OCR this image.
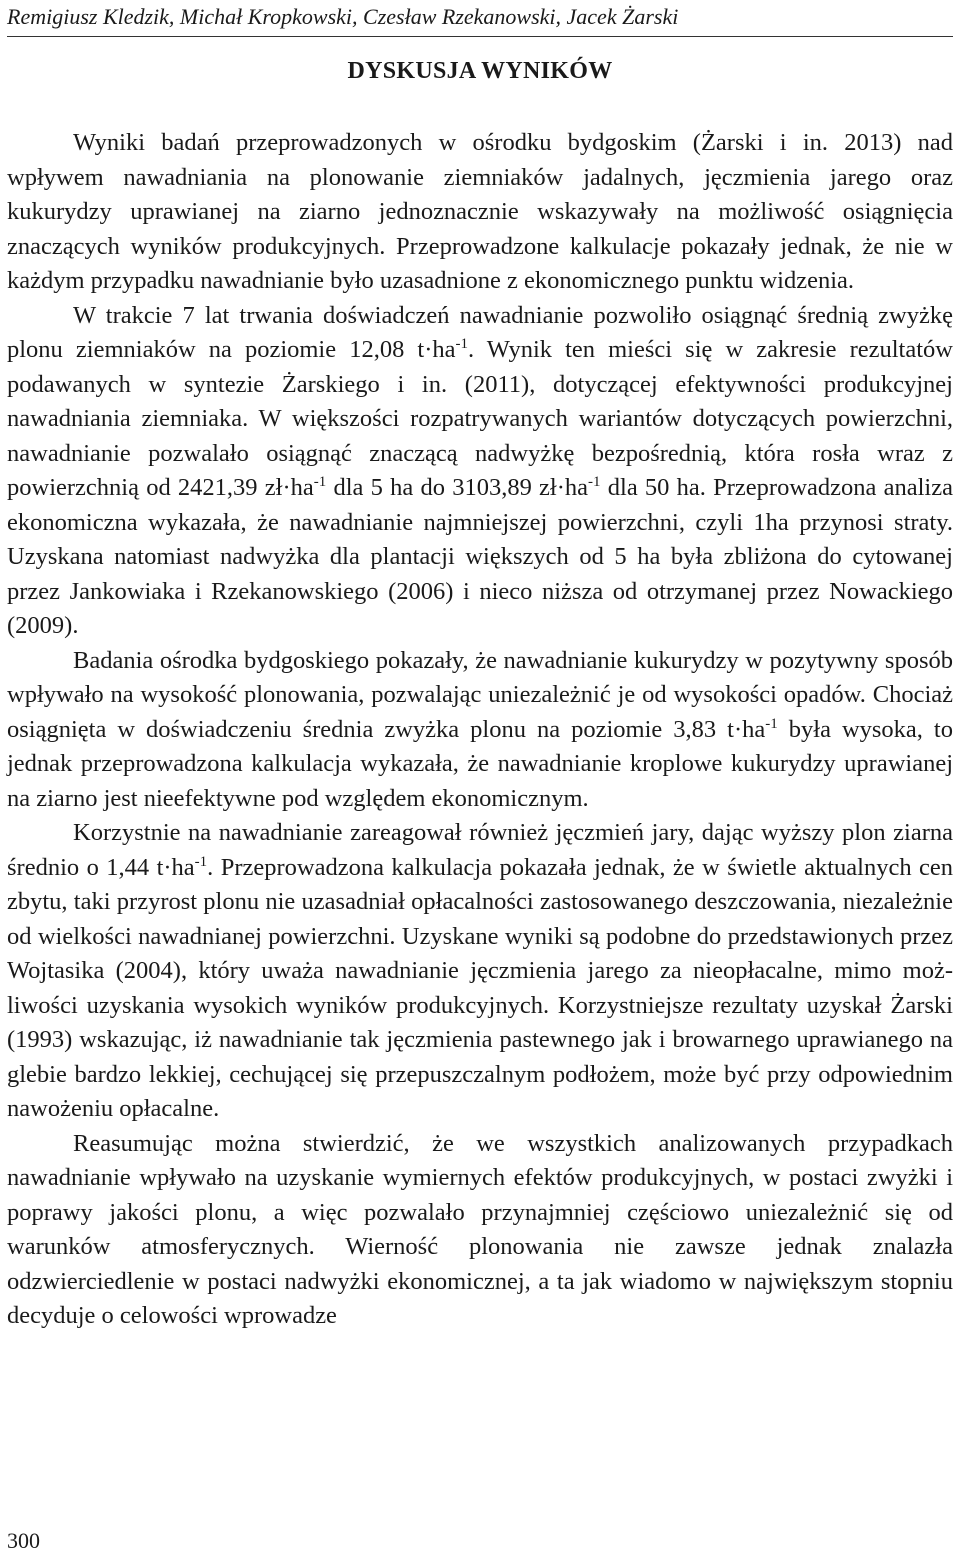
Remigiusz Kledzik, Michał Kropkowski, Czesław Rzekanowski, Jacek Żarski
DYSKUSJA WYNIKÓW

Wyniki badań przeprowadzonych w ośrodku bydgoskim (Żarski i in. 2013) nad wpływem nawadniania na plonowanie ziemniaków jadalnych, jęczmienia jarego oraz kukurydzy uprawianej na ziarno jednoznacznie wskazywały na możliwość osiągnięcia znaczących wyników produkcyjnych. Przeprowadzone kalkulacje pokazały jednak, że nie w każdym przypadku nawadnianie było uzasadnione z ekonomicznego punktu widzenia.

W trakcie 7 lat trwania doświadczeń nawadnianie pozwoliło osiągnąć średnią zwyżkę plonu ziemniaków na poziomie 12,08 $t\cdot ha^{-1}$. Wynik ten mieści się w zakresie rezultatów podawanych w syntezie Żarskiego i in. (2011), dotyczącej efektywności produkcyjnej nawadniania ziemniaka. W większości rozpatrywanych wariantów dotyczących powierzchni, nawadnianie pozwalało osiągnąć znaczącą nadwyżkę bezpośrednią, która rosła wraz z powierzchnią od 2421,39 $zł\cdot ha^{-1}$ dla 5 ha do 3103,89 $zł\cdot ha^{-1}$ dla 50 ha. Przeprowadzona analiza ekonomiczna wykazała, że nawadnianie najmniejszej powierzchni, czyli 1ha przynosi straty. Uzyskana natomiast nadwyżka dla plantacji większych od 5 ha była zbliżona do cytowanej przez Jankowiaka i Rzekanowskiego (2006) i nieco niższa od otrzymanej przez Nowackiego (2009).

Badania ośrodka bydgoskiego pokazały, że nawadnianie kukurydzy w pozytywny sposób wpływało na wysokość plonowania, pozwalając uniezależnić je od wysokości opadów. Chociaż osiągnięta w doświadczeniu średnia zwyżka plonu na poziomie 3,83 $t\cdot ha^{-1}$ była wysoka, to jednak przeprowadzona kalkulacja wykazała, że nawadnianie kroplowe kukurydzy uprawianej na ziarno jest nieefektywne pod względem ekonomicznym.

Korzystnie na nawadnianie zareagował również jęczmień jary, dając wyższy plon ziarna średnio o 1,44 $t\cdot ha^{-1}$. Przeprowadzona kalkulacja pokazała jednak, że w świetle aktualnych cen zbytu, taki przyrost plonu nie uzasadniał opłacalności zastosowanego deszczowania, niezależnie od wielkości nawadnianej powierzchni. Uzyskane wyniki są podobne do przedstawionych przez Wojtasika (2004), który uważa nawadnianie jęczmienia jarego za nieopłacalne, mimo możliwości uzyskania wysokich wyników produkcyjnych. Korzystniejsze rezultaty uzyskał Żarski (1993) wskazując, iż nawadnianie tak jęczmienia pastewnego jak i browarnego uprawianego na glebie bardzo lekkiej, cechującej się przepuszczalnym podłożem, może być przy odpowiednim nawożeniu opłacalne.

Reasumując można stwierdzić, że we wszystkich analizowanych przypadkach nawadnianie wpływało na uzyskanie wymiernych efektów produkcyjnych, w postaci zwyżki i poprawy jakości plonu, a więc pozwalało przynajmniej częściowo uniezależnić się od warunków atmosferycznych. Wierność plonowania nie zawsze jednak znalazła odzwierciedlenie w postaci nadwyżki ekonomicznej, a ta jak wiadomo w największym stopniu decyduje o celowości wprowadze

300
